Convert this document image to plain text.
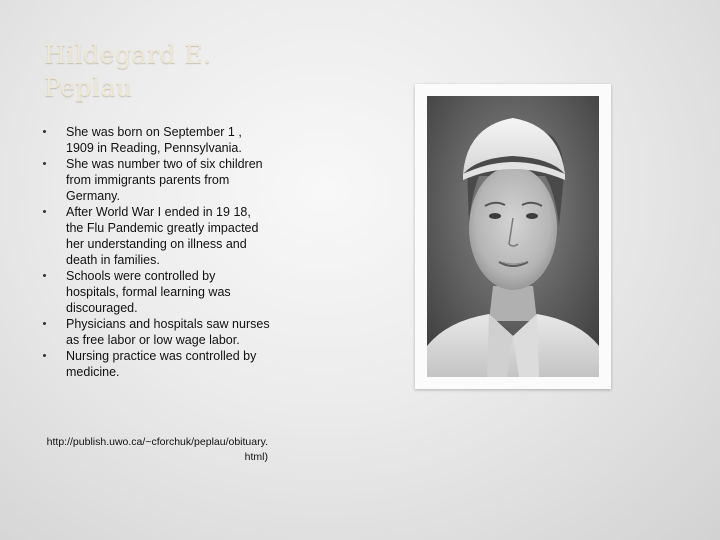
Hildegard E. Peplau
She was born on September 1 , 1909 in Reading, Pennsylvania.
She was number two of six children from immigrants parents from Germany.
After World War I ended in 19 18, the Flu Pandemic greatly impacted her understanding on illness and death in families.
Schools were controlled by hospitals, formal learning was discouraged.
Physicians and hospitals saw nurses as free labor or low wage labor.
Nursing practice was controlled by medicine.

http://publish.uwo.ca/~cforchuk/peplau/obituary.html)
